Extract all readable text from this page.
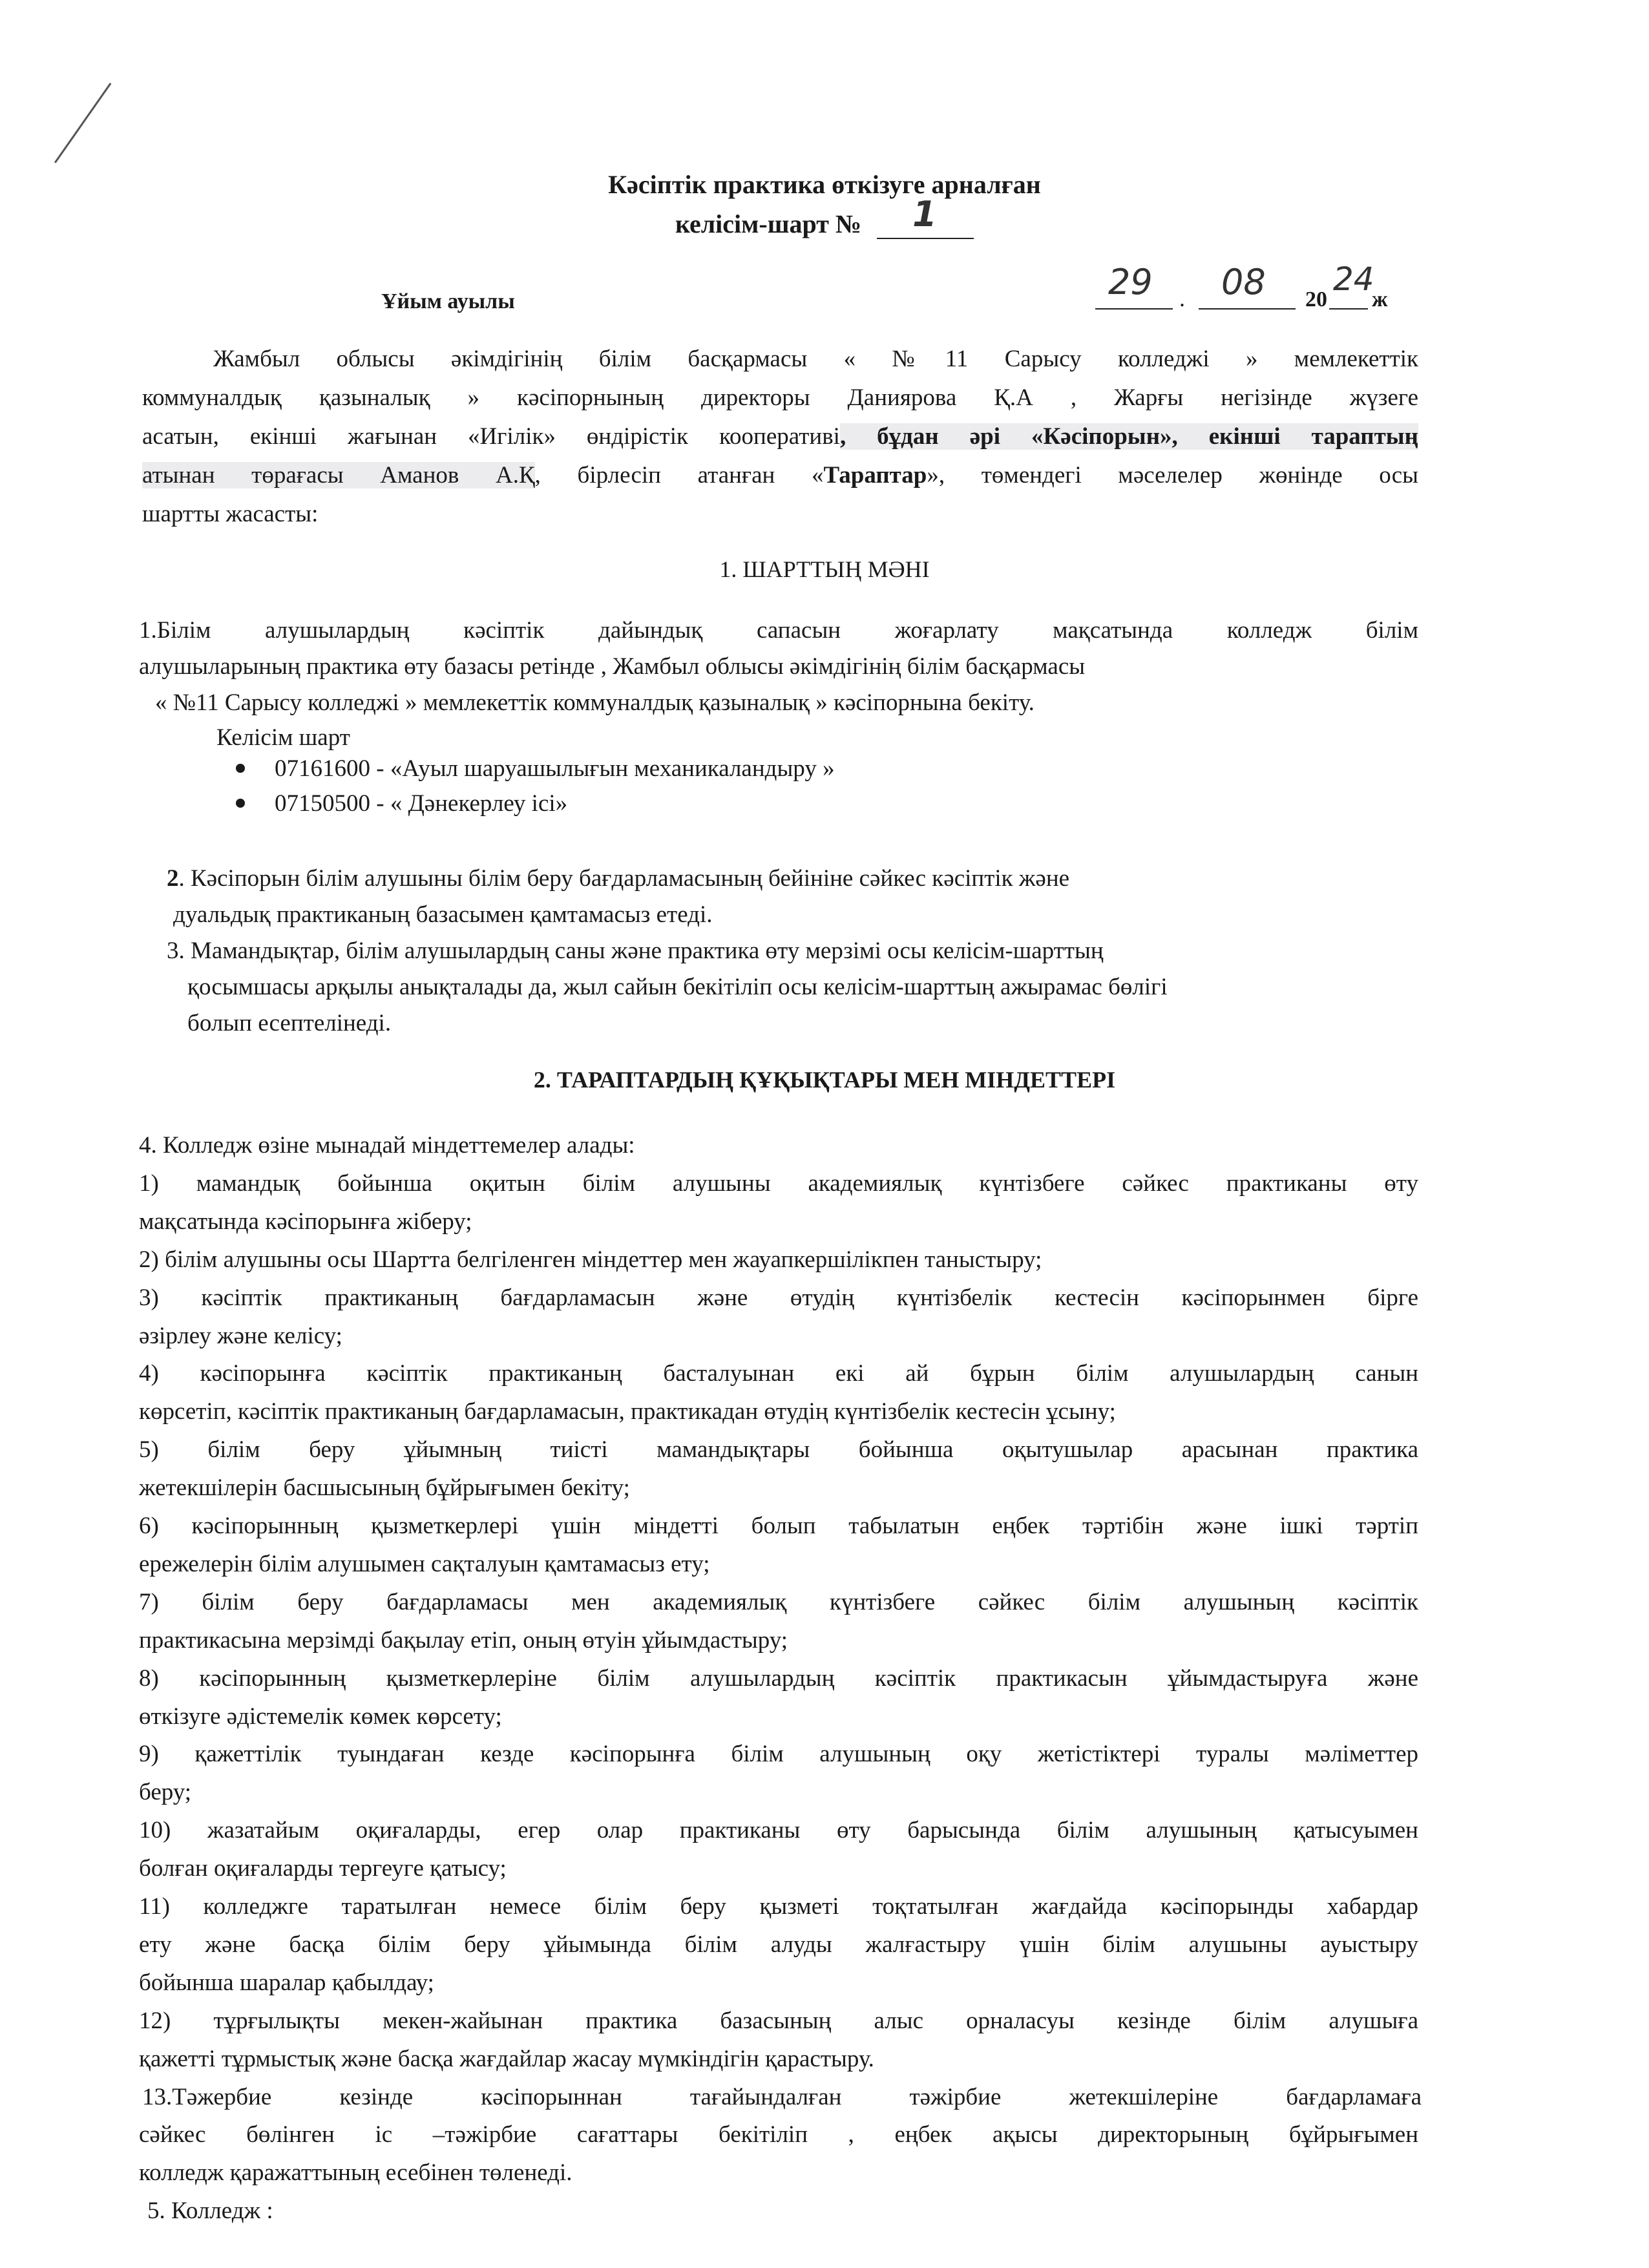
Кәсіптік практика өткізуге арналған
келісім-шарт № 1
Ұйым ауылы	29 . 08 20
24
ж
Жамбыл облысы әкімдігінің білім басқармасы « №11 Сарысу колледжі » мемлекеттік
коммуналдық қазыналық » кәсіпорнының директоры Даниярова Қ.А , Жарғы негізінде жүзеге
асатын, екінші жағынан «Игілік» өндірістік кооперативі, бұдан әрі «Кәсіпорын», екінші тараптың
атынан төрағасы Аманов А.Қ, бірлесіп атанған «Тараптар», төмендегі мәселелер жөнінде осы
шартты жасасты:
1. ШАРТТЫҢ МӘНІ
1.Білім алушылардың кәсіптік дайындық сапасын жоғарлату мақсатында колледж білім
алушыларының практика өту базасы ретінде , Жамбыл облысы әкімдігінің білім басқармасы
« №11 Сарысу колледжі » мемлекеттік коммуналдық қазыналық » кәсіпорнына бекіту.
Келісім шарт
07161600 - «Ауыл шаруашылығын механикаландыру »
07150500 - « Дәнекерлеу ісі»
2. Кәсіпорын білім алушыны білім беру бағдарламасының бейініне сәйкес кәсіптік және
дуальдық практиканың базасымен қамтамасыз етеді.
3. Мамандықтар, білім алушылардың саны және практика өту мерзімі осы келісім-шарттың
қосымшасы арқылы анықталады да, жыл сайын бекітіліп осы келісім-шарттың ажырамас бөлігі
болып есептелінеді.
2. ТАРАПТАРДЫҢ ҚҰҚЫҚТАРЫ МЕН МІНДЕТТЕРІ
4. Колледж өзіне мынадай міндеттемелер алады:
1) мамандық бойынша оқитын білім алушыны академиялық күнтізбеге сәйкес практиканы өту
мақсатында кәсіпорынға жіберу;
2) білім алушыны осы Шартта белгіленген міндеттер мен жауапкершілікпен таныстыру;
3) кәсіптік практиканың бағдарламасын және өтудің күнтізбелік кестесін кәсіпорынмен бірге
әзірлеу және келісу;
4) кәсіпорынға кәсіптік практиканың басталуынан екі ай бұрын білім алушылардың санын
көрсетіп, кәсіптік практиканың бағдарламасын, практикадан өтудің күнтізбелік кестесін ұсыну;
5) білім беру ұйымның тиісті мамандықтары бойынша оқытушылар арасынан практика
жетекшілерін басшысының бұйрығымен бекіту;
6) кәсіпорынның қызметкерлері үшін міндетті болып табылатын еңбек тәртібін және ішкі тәртіп
ережелерін білім алушымен сақталуын қамтамасыз ету;
7) білім беру бағдарламасы мен академиялық күнтізбеге сәйкес білім алушының кәсіптік
практикасына мерзімді бақылау етіп, оның өтуін ұйымдастыру;
8) кәсіпорынның қызметкерлеріне білім алушылардың кәсіптік практикасын ұйымдастыруға және
өткізуге әдістемелік көмек көрсету;
9) қажеттілік туындаған кезде кәсіпорынға білім алушының оқу жетістіктері туралы мәліметтер
беру;
10) жазатайым оқиғаларды, егер олар практиканы өту барысында білім алушының қатысуымен
болған оқиғаларды тергеуге қатысу;
11) колледжге таратылған немесе білім беру қызметі тоқтатылған жағдайда кәсіпорынды хабардар
ету және басқа білім беру ұйымында білім алуды жалғастыру үшін білім алушыны ауыстыру
бойынша шаралар қабылдау;
12) тұрғылықты мекен-жайынан практика базасының алыс орналасуы кезінде білім алушыға
қажетті тұрмыстық және басқа жағдайлар жасау мүмкіндігін қарастыру.
13.Тәжербие кезінде кәсіпорыннан тағайындалған тәжірбие жетекшілеріне бағдарламаға
сәйкес бөлінген іс –тәжірбие сағаттары бекітіліп , еңбек ақысы директорының бұйрығымен
колледж қаражаттының есебінен төленеді.
5. Колледж :
